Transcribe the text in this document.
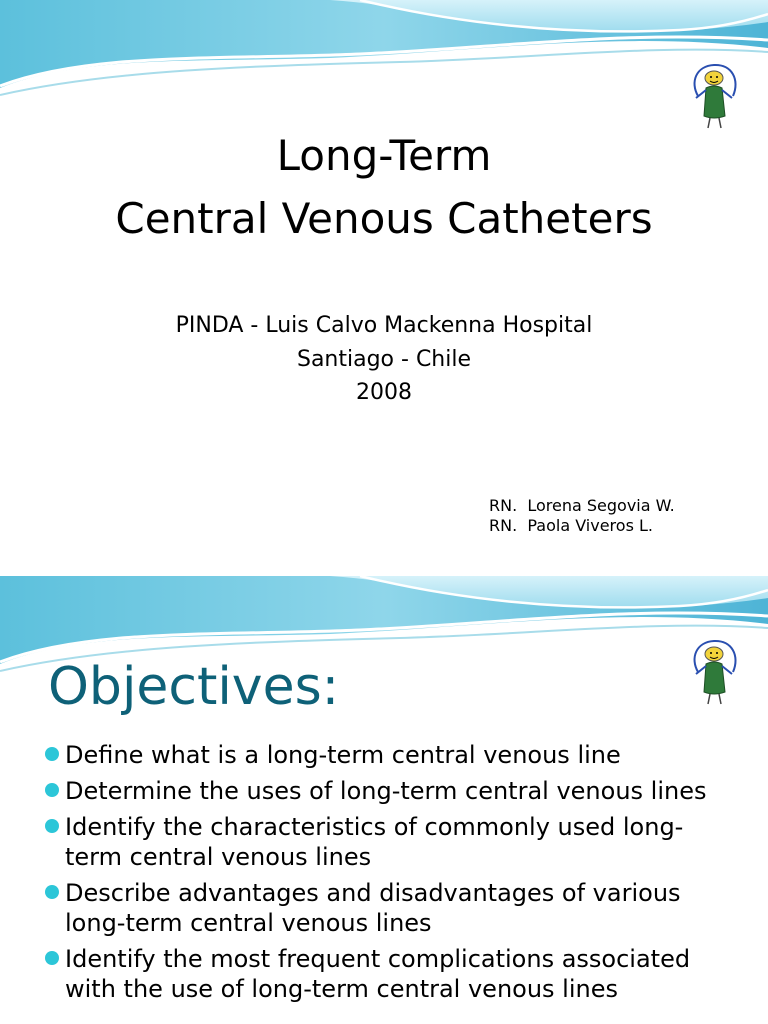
Long-Term
Central Venous Catheters
PINDA - Luis Calvo Mackenna Hospital
Santiago - Chile
2008
RN.  Lorena Segovia W.
RN.  Paola Viveros L.
Objectives:
Define what is a long-term central venous line
Determine the uses of long-term central venous lines
Identify the characteristics of commonly used long-term central venous lines
Describe advantages and disadvantages of various long-term central venous lines
Identify the most frequent complications associated with the use of long-term central venous lines
